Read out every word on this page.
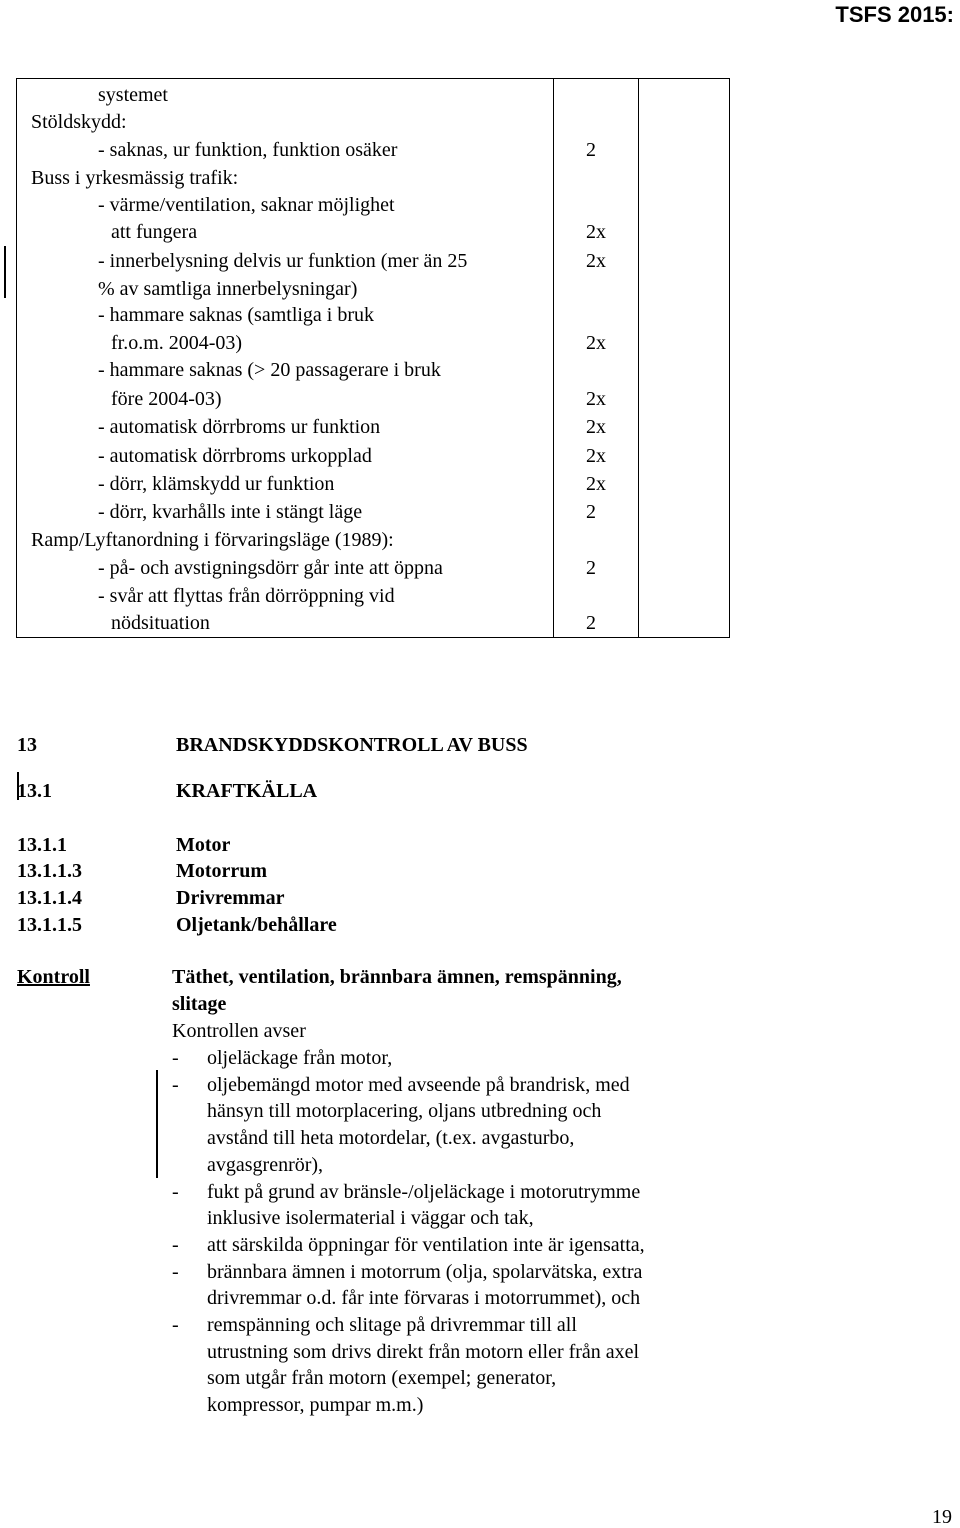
TSFS 2015:
systemet
Stöldskydd:
- saknas, ur funktion, funktion osäker	2
Buss i yrkesmässig trafik:
- värme/ventilation, saknar möjlighet
att fungera	2x
- innerbelysning delvis ur funktion (mer än 25	2x
% av samtliga innerbelysningar)
- hammare saknas (samtliga i bruk
fr.o.m. 2004-03)	2x
- hammare saknas (> 20 passagerare i bruk
före 2004-03)	2x
- automatisk dörrbroms ur funktion	2x
- automatisk dörrbroms urkopplad	2x
- dörr, klämskydd ur funktion	2x
- dörr, kvarhålls inte i stängt läge	2
Ramp/Lyftanordning i förvaringsläge (1989):
- på- och avstigningsdörr går inte att öppna	2
- svår att flyttas från dörröppning vid
nödsituation	2
13	BRANDSKYDDSKONTROLL AV BUSS
13.1	KRAFTKÄLLA
13.1.1	Motor
13.1.1.3	Motorrum
13.1.1.4	Drivremmar
13.1.1.5	Oljetank/behållare
Kontroll	Täthet, ventilation, brännbara ämnen, remspänning,
slitage
Kontrollen avser
- oljeläckage från motor,
- oljebemängd motor med avseende på brandrisk, med
hänsyn till motorplacering, oljans utbredning och
avstånd till heta motordelar, (t.ex. avgasturbo,
avgasgrenrör),
- fukt på grund av bränsle-/oljeläckage i motorutrymme
inklusive isolermaterial i väggar och tak,
- att särskilda öppningar för ventilation inte är igensatta,
- brännbara ämnen i motorrum (olja, spolarvätska, extra
drivremmar o.d. får inte förvaras i motorrummet), och
- remspänning och slitage på drivremmar till all
utrustning som drivs direkt från motorn eller från axel
som utgår från motorn (exempel; generator,
kompressor, pumpar m.m.)
19
